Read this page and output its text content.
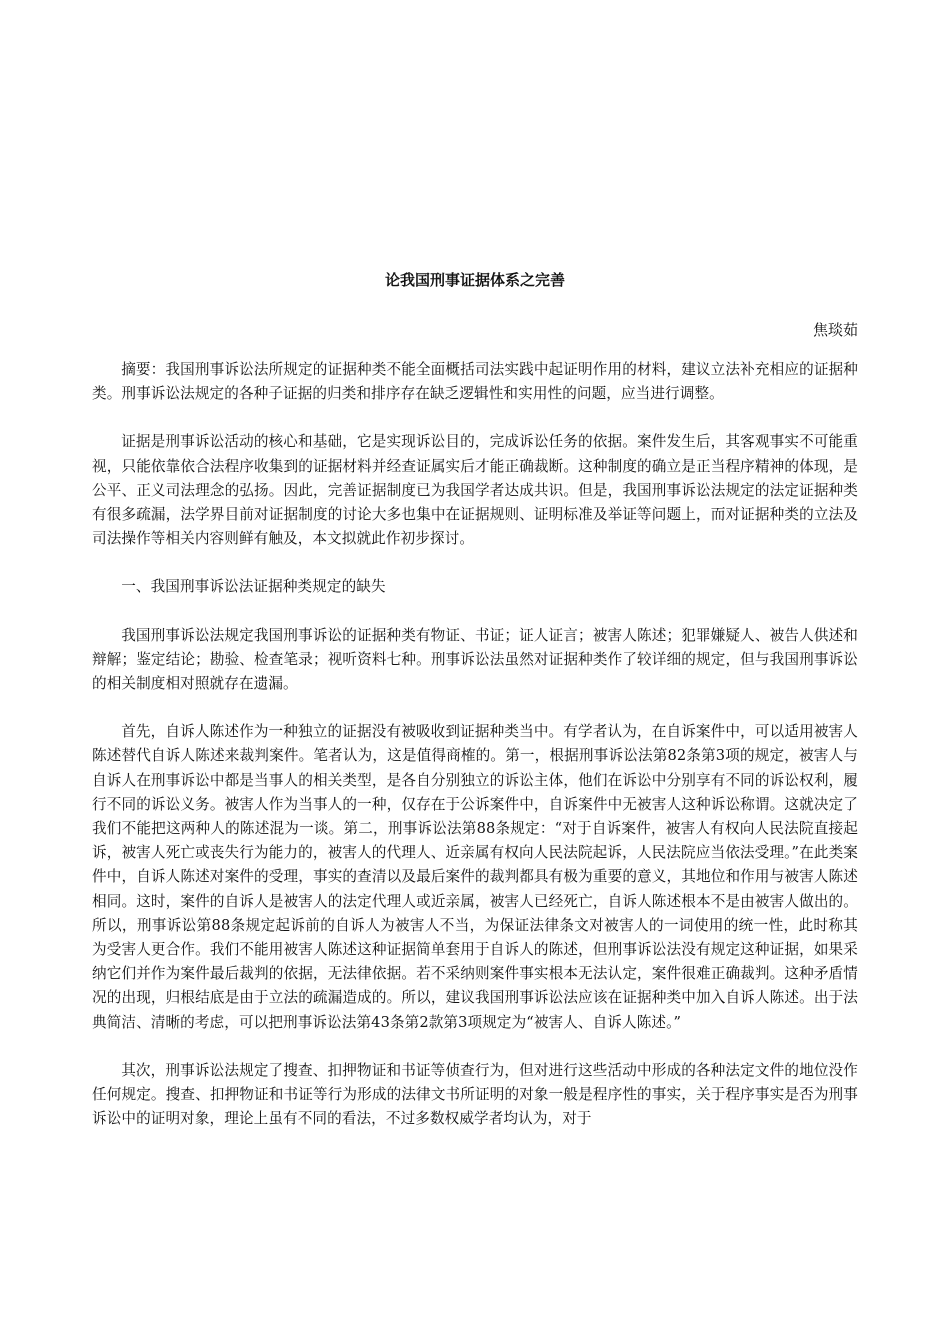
论我国刑事证据体系之完善
焦琰茹

摘要：我国刑事诉讼法所规定的证据种类不能全面概括司法实践中起证明作用的材料，建议立法补充相应的证据种类。刑事诉讼法规定的各种子证据的归类和排序存在缺乏逻辑性和实用性的问题，应当进行调整。

证据是刑事诉讼活动的核心和基础，它是实现诉讼目的，完成诉讼任务的依据。案件发生后，其客观事实不可能重视，只能依靠依合法程序收集到的证据材料并经查证属实后才能正确裁断。这种制度的确立是正当程序精神的体现，是公平、正义司法理念的弘扬。因此，完善证据制度已为我国学者达成共识。但是，我国刑事诉讼法规定的法定证据种类有很多疏漏，法学界目前对证据制度的讨论大多也集中在证据规则、证明标准及举证等问题上，而对证据种类的立法及司法操作等相关内容则鲜有触及，本文拟就此作初步探讨。

一、我国刑事诉讼法证据种类规定的缺失

我国刑事诉讼法规定我国刑事诉讼的证据种类有物证、书证；证人证言；被害人陈述；犯罪嫌疑人、被告人供述和辩解；鉴定结论；勘验、检查笔录；视听资料七种。刑事诉讼法虽然对证据种类作了较详细的规定，但与我国刑事诉讼的相关制度相对照就存在遗漏。

首先，自诉人陈述作为一种独立的证据没有被吸收到证据种类当中。有学者认为，在自诉案件中，可以适用被害人陈述替代自诉人陈述来裁判案件。笔者认为，这是值得商榷的。第一，根据刑事诉讼法第82条第3项的规定，被害人与自诉人在刑事诉讼中都是当事人的相关类型，是各自分别独立的诉讼主体，他们在诉讼中分别享有不同的诉讼权利，履行不同的诉讼义务。被害人作为当事人的一种，仅存在于公诉案件中，自诉案件中无被害人这种诉讼称谓。这就决定了我们不能把这两种人的陈述混为一谈。第二，刑事诉讼法第88条规定：“对于自诉案件，被害人有权向人民法院直接起诉，被害人死亡或丧失行为能力的，被害人的代理人、近亲属有权向人民法院起诉，人民法院应当依法受理。”在此类案件中，自诉人陈述对案件的受理，事实的查清以及最后案件的裁判都具有极为重要的意义，其地位和作用与被害人陈述相同。这时，案件的自诉人是被害人的法定代理人或近亲属，被害人已经死亡，自诉人陈述根本不是由被害人做出的。所以，刑事诉讼第88条规定起诉前的自诉人为被害人不当，为保证法律条文对被害人的一词使用的统一性，此时称其为受害人更合作。我们不能用被害人陈述这种证据简单套用于自诉人的陈述，但刑事诉讼法没有规定这种证据，如果采纳它们并作为案件最后裁判的依据，无法律依据。若不采纳则案件事实根本无法认定，案件很难正确裁判。这种矛盾情况的出现，归根结底是由于立法的疏漏造成的。所以，建议我国刑事诉讼法应该在证据种类中加入自诉人陈述。出于法典简洁、清晰的考虑，可以把刑事诉讼法第43条第2款第3项规定为“被害人、自诉人陈述。”

其次，刑事诉讼法规定了搜查、扣押物证和书证等侦查行为，但对进行这些活动中形成的各种法定文件的地位没作任何规定。搜查、扣押物证和书证等行为形成的法律文书所证明的对象一般是程序性的事实，关于程序事实是否为刑事诉讼中的证明对象，理论上虽有不同的看法，不过多数权威学者均认为，对于
